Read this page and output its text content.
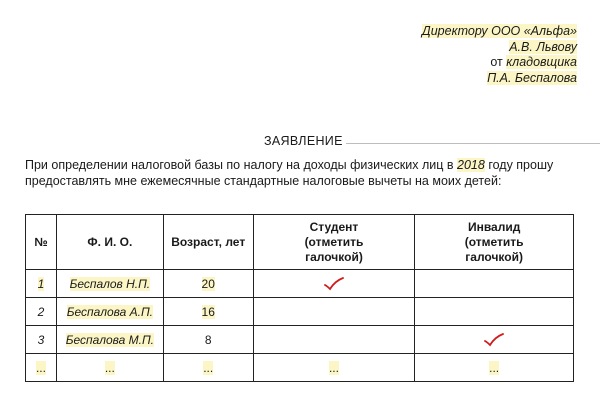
Директору ООО «Альфа»
А.В. Львову
от кладовщика
П.А. Беспалова
ЗАЯВЛЕНИЕ
При определении налоговой базы по налогу на доходы физических лиц в 2018 году прошу
предоставлять мне ежемесячные стандартные налоговые вычеты на моих детей:
№	Ф. И. О.	Возраст, лет	Студент
(отметить
галочкой)	Инвалид
(отметить
галочкой)
1	Беспалов Н.П.	20		
2	Беспалова А.П.	16		
3	Беспалова М.П.	8		
...	...	...	...	...
